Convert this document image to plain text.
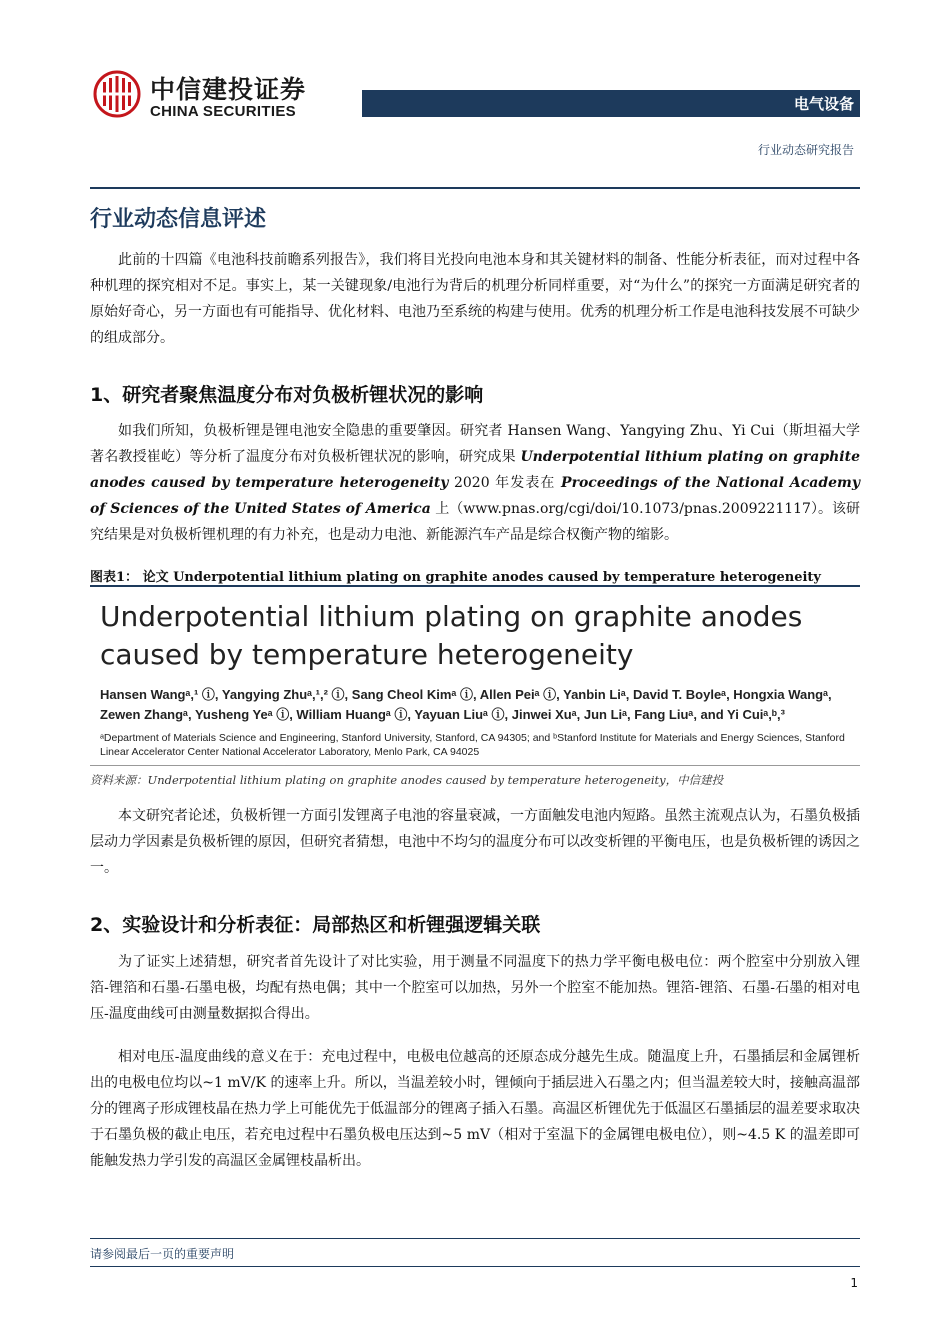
中信建投证券
CHINA SECURITIES	电气设备
行业动态研究报告
行业动态信息评述
此前的十四篇《电池科技前瞻系列报告》，我们将目光投向电池本身和其关键材料的制备、性能分析表征，而对过程中各种机理的探究相对不足。事实上，某一关键现象/电池行为背后的机理分析同样重要，对“为什么”的探究一方面满足研究者的原始好奇心，另一方面也有可能指导、优化材料、电池乃至系统的构建与使用。优秀的机理分析工作是电池科技发展不可缺少的组成部分。
1、研究者聚焦温度分布对负极析锂状况的影响
如我们所知，负极析锂是锂电池安全隐患的重要肇因。研究者 Hansen Wang、Yangying Zhu、Yi Cui（斯坦福大学著名教授崔屹）等分析了温度分布对负极析锂状况的影响，研究成果 Underpotential lithium plating on graphite anodes caused by temperature heterogeneity 2020 年发表在 Proceedings of the National Academy of Sciences of the United States of America 上（www.pnas.org/cgi/doi/10.1073/pnas.2009221117）。该研究结果是对负极析锂机理的有力补充，也是动力电池、新能源汽车产品是综合权衡产物的缩影。
图表1： 论文 Underpotential lithium plating on graphite anodes caused by temperature heterogeneity
Underpotential lithium plating on graphite anodes caused by temperature heterogeneity
Hansen Wangᵃ,¹ ⓘ, Yangying Zhuᵃ,¹,² ⓘ, Sang Cheol Kimᵃ ⓘ, Allen Peiᵃ ⓘ, Yanbin Liᵃ, David T. Boyleᵃ, Hongxia Wangᵃ, Zewen Zhangᵃ, Yusheng Yeᵃ ⓘ, William Huangᵃ ⓘ, Yayuan Liuᵃ ⓘ, Jinwei Xuᵃ, Jun Liᵃ, Fang Liuᵃ, and Yi Cuiᵃ,ᵇ,³
ᵃDepartment of Materials Science and Engineering, Stanford University, Stanford, CA 94305; and ᵇStanford Institute for Materials and Energy Sciences, Stanford Linear Accelerator Center National Accelerator Laboratory, Menlo Park, CA 94025
资料来源：Underpotential lithium plating on graphite anodes caused by temperature heterogeneity，中信建投
本文研究者论述，负极析锂一方面引发锂离子电池的容量衰减，一方面触发电池内短路。虽然主流观点认为，石墨负极插层动力学因素是负极析锂的原因，但研究者猜想，电池中不均匀的温度分布可以改变析锂的平衡电压，也是负极析锂的诱因之一。
2、实验设计和分析表征：局部热区和析锂强逻辑关联
为了证实上述猜想，研究者首先设计了对比实验，用于测量不同温度下的热力学平衡电极电位：两个腔室中分别放入锂箔-锂箔和石墨-石墨电极，均配有热电偶；其中一个腔室可以加热，另外一个腔室不能加热。锂箔-锂箔、石墨-石墨的相对电压-温度曲线可由测量数据拟合得出。
相对电压-温度曲线的意义在于：充电过程中，电极电位越高的还原态成分越先生成。随温度上升，石墨插层和金属锂析出的电极电位均以~1 mV/K 的速率上升。所以，当温差较小时，锂倾向于插层进入石墨之内；但当温差较大时，接触高温部分的锂离子形成锂枝晶在热力学上可能优先于低温部分的锂离子插入石墨。高温区析锂优先于低温区石墨插层的温差要求取决于石墨负极的截止电压，若充电过程中石墨负极电压达到~5 mV（相对于室温下的金属锂电极电位），则~4.5 K 的温差即可能触发热力学引发的高温区金属锂枝晶析出。
请参阅最后一页的重要声明
1
